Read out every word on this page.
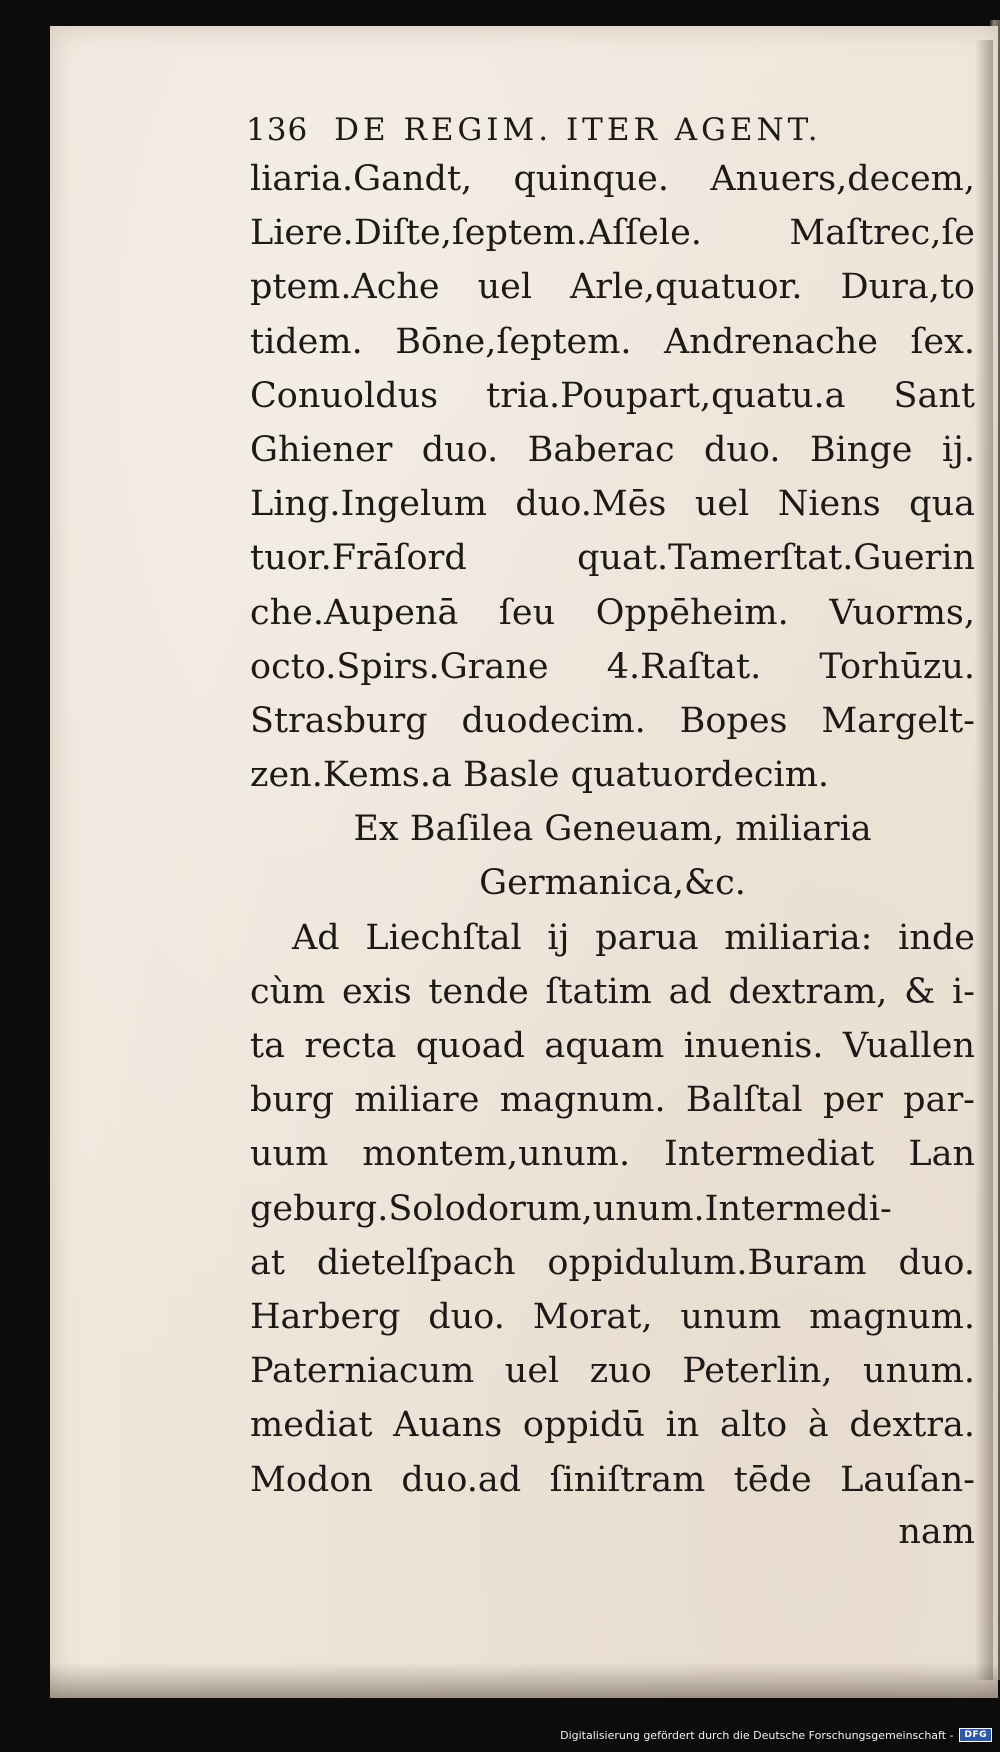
136 DE REGIM. ITER AGENT.
liaria.Gandt, quinque. Anuers,decem,
Liere.Diſte,ſeptem.Aſſele. Maſtrec,ſe
ptem.Ache uel Arle,quatuor. Dura,to
tidem. Bōne,ſeptem. Andrenache ſex.
Conuoldus tria.Poupart,quatu.a Sant
Ghiener duo. Baberac duo. Binge ij.
Ling.Ingelum duo.Mēs uel Niens qua
tuor.Frāſord quat.Tamerſtat.Guerin
che.Aupenā ſeu Oppēheim. Vuorms,
octo.Spirs.Grane 4.Raſtat. Torhūzu.
Strasburg duodecim. Bopes Margelt-
zen.Kems.a Basle quatuordecim.
Ex Baſilea Geneuam, miliaria
Germanica,&c.
Ad Liechſtal ij parua miliaria: inde
cùm exis tende ſtatim ad dextram, & i-
ta recta quoad aquam inuenis. Vuallen
burg miliare magnum. Balſtal per par-
uum montem,unum. Intermediat Lan
geburg.Solodorum,unum.Intermedi-
at dietelſpach oppidulum.Buram duo.
Harberg duo. Morat, unum magnum.
Paterniacum uel zuo Peterlin, unum.
mediat Auans oppidū in alto à dextra.
Modon duo.ad ſiniſtram tēde Lauſan-
nam
Digitalisierung gefördert durch die Deutsche Forschungsgemeinschaft -	DFG
